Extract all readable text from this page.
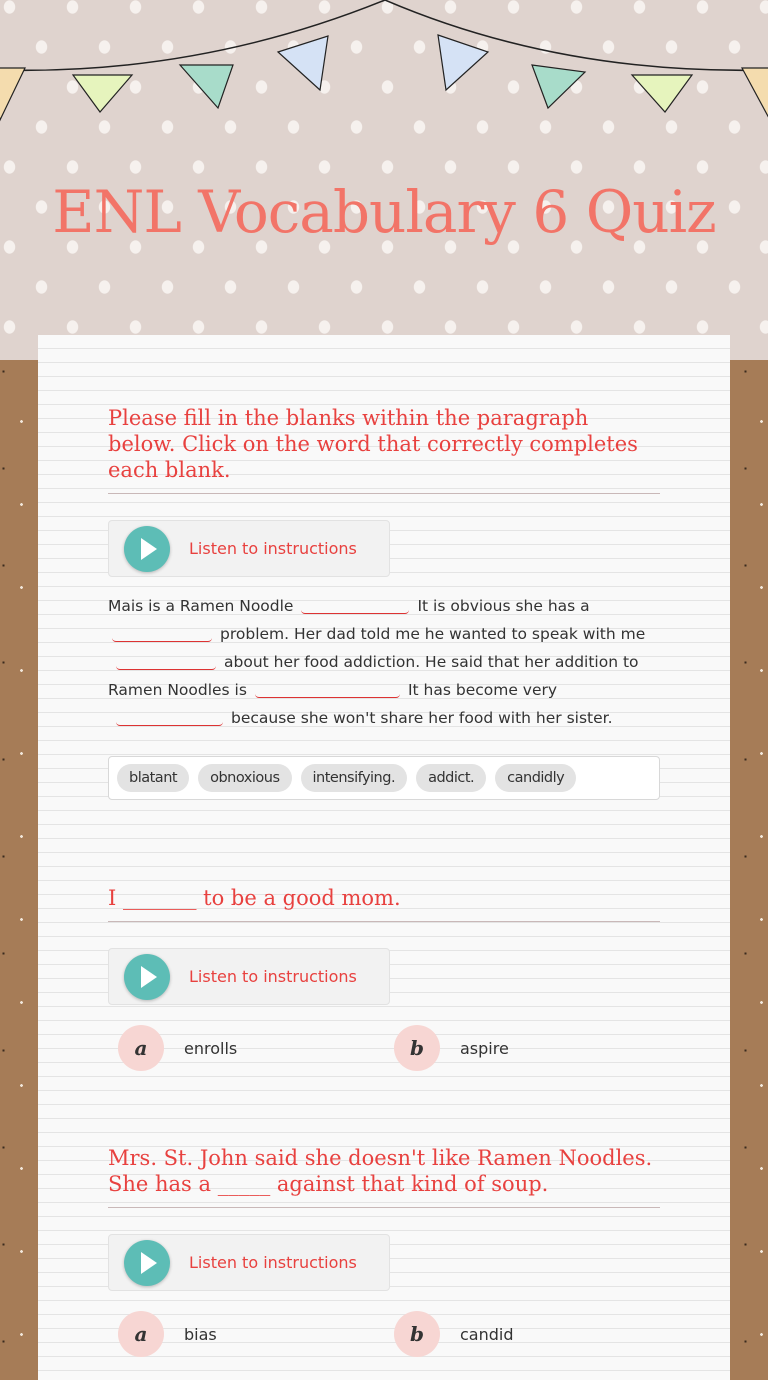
ENL Vocabulary 6 Quiz
Please fill in the blanks within the paragraph below. Click on the word that correctly completes each blank.
Listen to instructions
Mais is a Ramen Noodle	It is obvious she has a problem. Her dad told me he wanted to speak with meabout her food addiction. He said that her addition to Ramen Noodles is	It has become verybecause she won't share her food with her sister.
blatant	obnoxious	intensifying.	addict.	candidly
I _______ to be a good mom.
Listen to instructions
a	enrolls	b	aspire
Mrs. St. John said she doesn't like Ramen Noodles. She has a _____ against that kind of soup.
Listen to instructions
a	bias	b	candid
